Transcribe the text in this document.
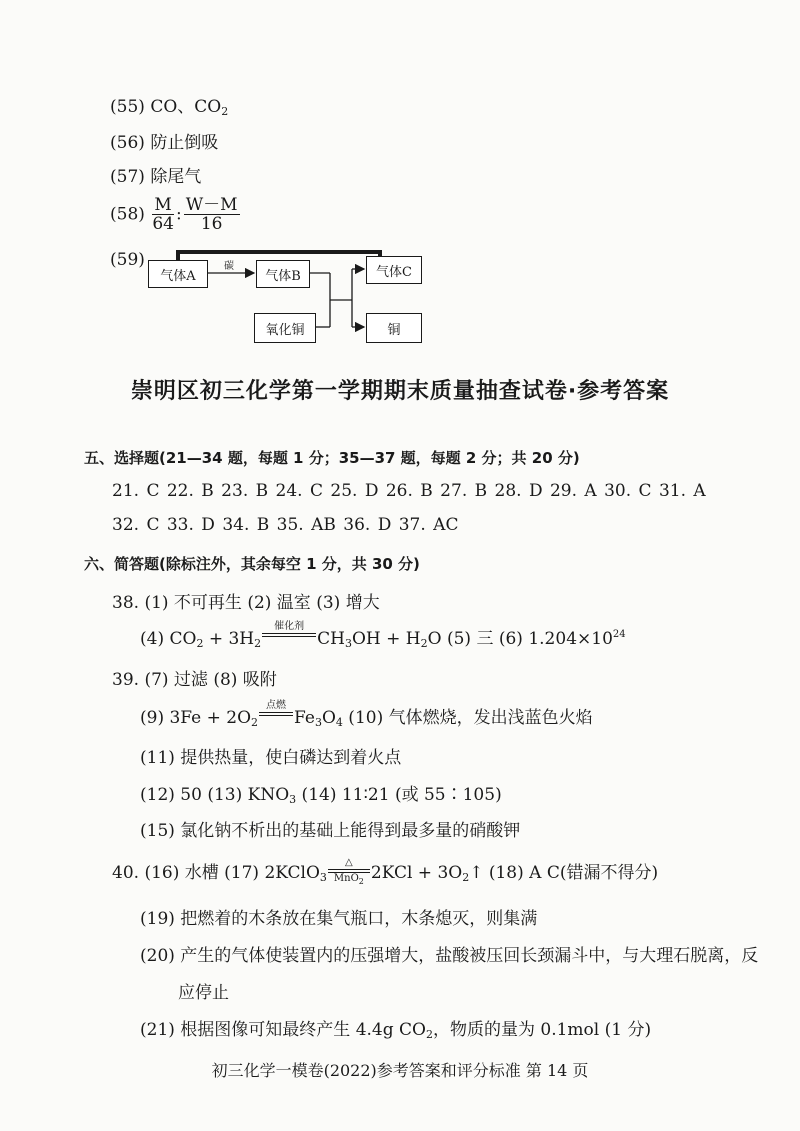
(55) CO、$CO_2$
(56) 防止倒吸
(57) 除尾气
$(58) \frac{M}{64}$ : $\frac{W-M}{16}$
(59)
气体A
碳
气体B	气体C
氧化铜	铜
崇明区初三化学第一学期期末质量抽查试卷·参考答案
五、选择题(21—34 题，每题 1 分；35—37 题，每题 2 分；共 20 分)
21. C 22. B 23. B 24. C 25. D 26. B 27. B 28. D 29. A 30. C 31. A
32. C 33. D 34. B 35. AB 36. D 37. AC
六、简答题(除标注外，其余每空 1 分，共 30 分)
38. (1) 不可再生 (2) 温室 (3) 增大
(4) $CO_2 + 3H_2$
催化剂
$CH_3OH + H_2O$ (5) 三 (6) $1.204\times 10^{24}$
39. (7) 过滤 (8) 吸附
(9) $3Fe + 2O_2$
点燃
$Fe_3O_4$ (10) 气体燃烧，发出浅蓝色火焰
(11) 提供热量，使白磷达到着火点
(12) 50 (13) $KNO_3$ (14) 11∶21 (或 55∶105)
(15) 氯化钠不析出的基础上能得到最多量的硝酸钾
40. (16) 水槽 (17) 2KClO$_3$
△
MnO$_2$ $2KCl + 3O_2↑$ (18) A C(错漏不得分)
(19) 把燃着的木条放在集气瓶口，木条熄灭，则集满
(20) 产生的气体使装置内的压强增大，盐酸被压回长颈漏斗中，与大理石脱离，反
应停止
(21) 根据图像可知最终产生 4.4g $CO_2$，物质的量为 0.1mol (1 分)
初三化学一模卷(2022)参考答案和评分标准 第 14 页
